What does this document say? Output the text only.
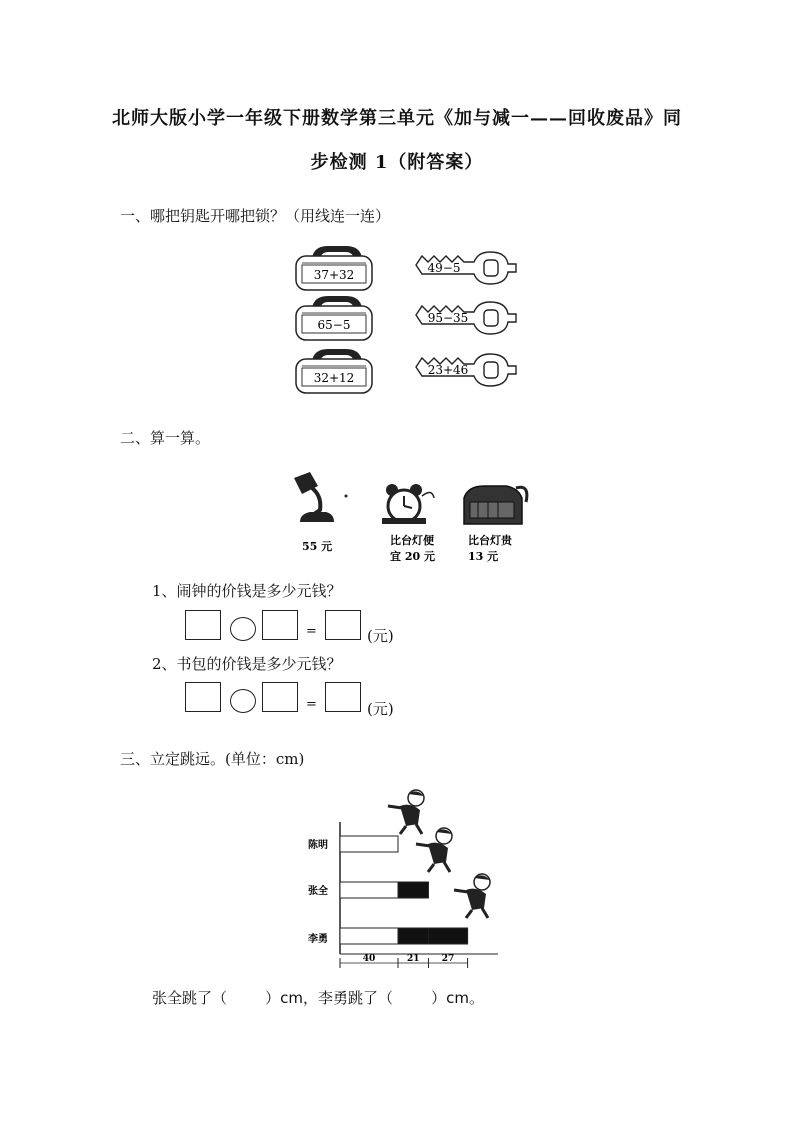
北师大版小学一年级下册数学第三单元《加与减一——回收废品》同
步检测 1（附答案）
一、哪把钥匙开哪把锁？（用线连一连）
37+32
65−5
32+12
49−5
95−35
23+46
二、算一算。
55 元	比台灯便
宜 20 元
比台灯贵
13 元
1、闹钟的价钱是多少元钱？
=	(元)
2、书包的价钱是多少元钱？
=	(元)
三、立定跳远。(单位：cm)
陈明
张全
李勇
40	21 27
张全跳了（        ）cm，李勇跳了（        ）cm。
